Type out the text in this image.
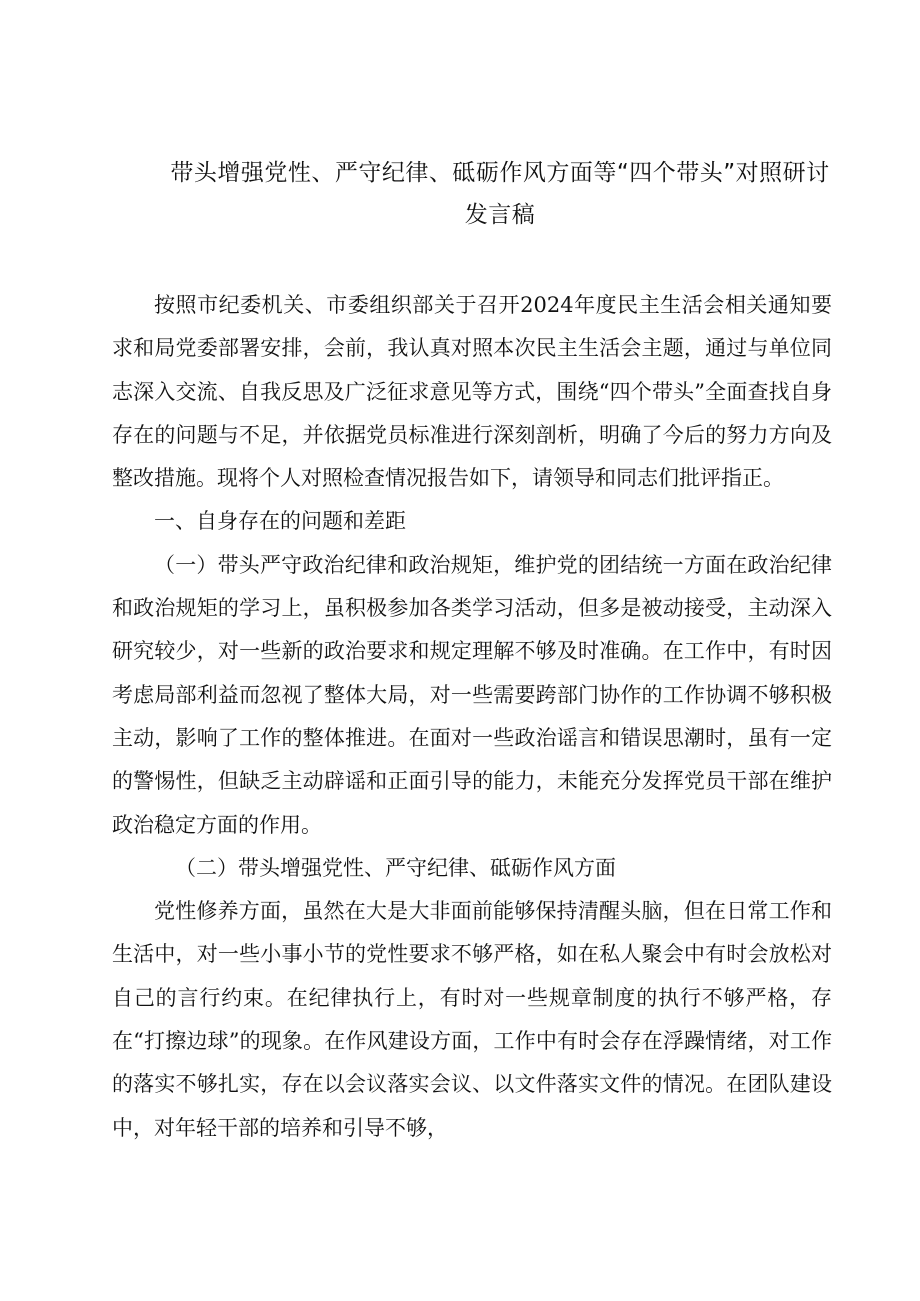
带头增强党性、严守纪律、砥砺作风方面等“四个带头”对照研讨
发言稿

按照市纪委机关、市委组织部关于召开2024年度民主生活会相关通知要求和局党委部署安排，会前，我认真对照本次民主生活会主题，通过与单位同志深入交流、自我反思及广泛征求意见等方式，围绕“四个带头”全面查找自身存在的问题与不足，并依据党员标准进行深刻剖析，明确了今后的努力方向及整改措施。现将个人对照检查情况报告如下，请领导和同志们批评指正。

一、自身存在的问题和差距

（一）带头严守政治纪律和政治规矩，维护党的团结统一方面在政治纪律和政治规矩的学习上，虽积极参加各类学习活动，但多是被动接受，主动深入研究较少，对一些新的政治要求和规定理解不够及时准确。在工作中，有时因考虑局部利益而忽视了整体大局，对一些需要跨部门协作的工作协调不够积极主动，影响了工作的整体推进。在面对一些政治谣言和错误思潮时，虽有一定的警惕性，但缺乏主动辟谣和正面引导的能力，未能充分发挥党员干部在维护政治稳定方面的作用。

（二）带头增强党性、严守纪律、砥砺作风方面

党性修养方面，虽然在大是大非面前能够保持清醒头脑，但在日常工作和生活中，对一些小事小节的党性要求不够严格，如在私人聚会中有时会放松对自己的言行约束。在纪律执行上，有时对一些规章制度的执行不够严格，存在“打擦边球”的现象。在作风建设方面，工作中有时会存在浮躁情绪，对工作的落实不够扎实，存在以会议落实会议、以文件落实文件的情况。在团队建设中，对年轻干部的培养和引导不够，
